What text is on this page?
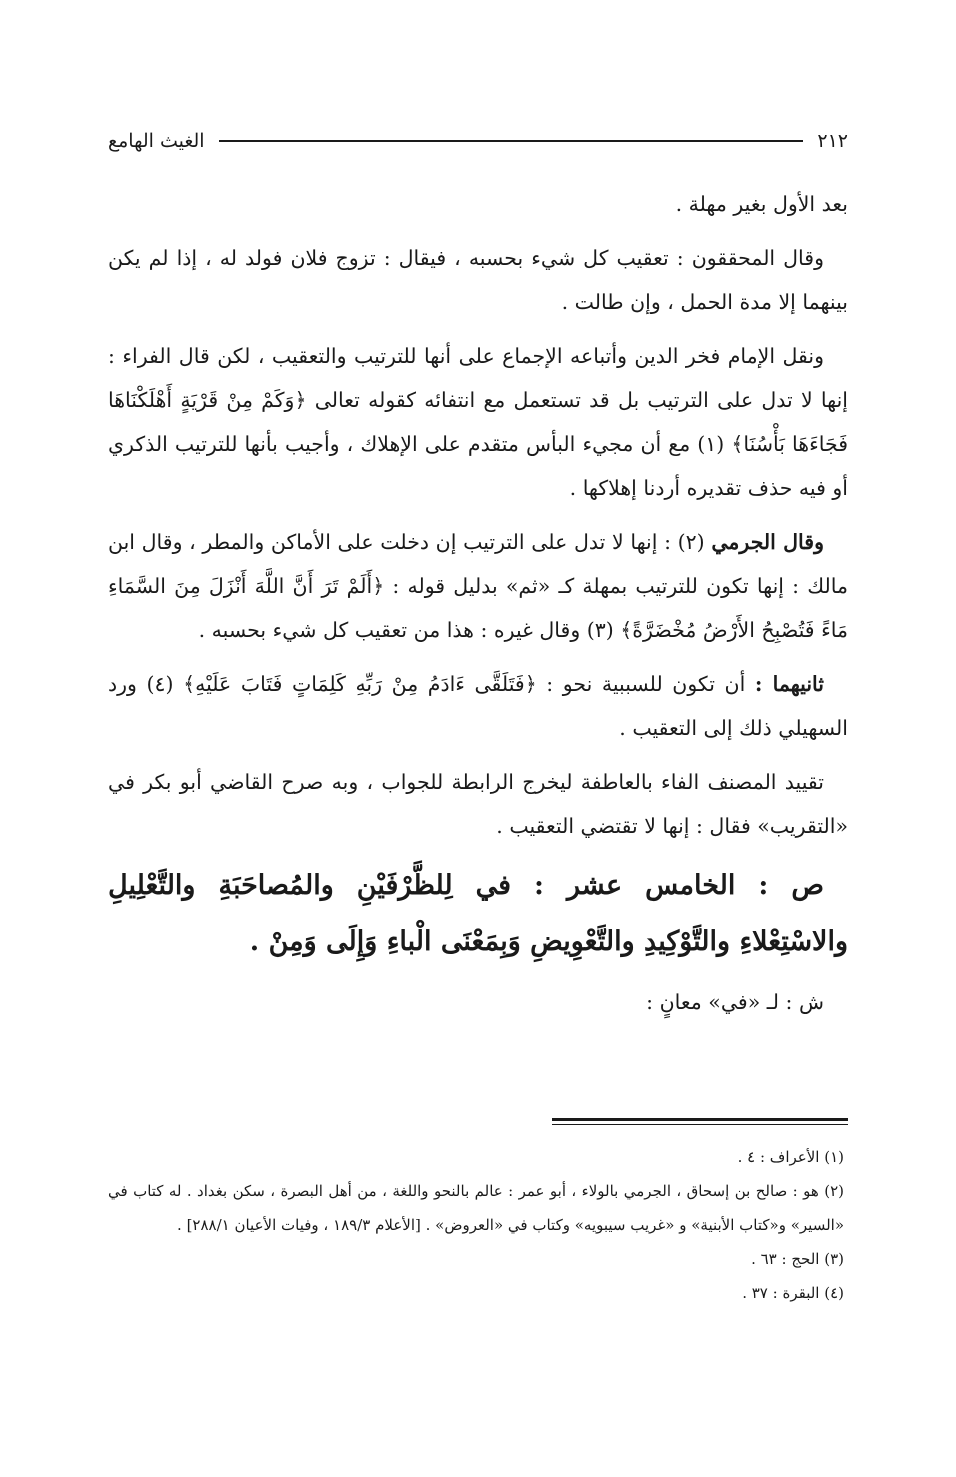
٢١٢
الغيث الهامع

بعد الأول بغير مهلة .

وقال المحققون : تعقيب كل شيء بحسبه ، فيقال : تزوج فلان فولد له ، إذا لم يكن بينهما إلا مدة الحمل ، وإن طالت .

ونقل الإمام فخر الدين وأتباعه الإجماع على أنها للترتيب والتعقيب ، لكن قال الفراء : إنها لا تدل على الترتيب بل قد تستعمل مع انتفائه كقوله تعالى ﴿وَكَمْ مِنْ قَرْيَةٍ أَهْلَكْنَاهَا فَجَاءَهَا بَأْسُنَا﴾ (١) مع أن مجيء البأس متقدم على الإهلاك ، وأجيب بأنها للترتيب الذكري أو فيه حذف تقديره أردنا إهلاكها .

وقال الجرمي (٢) : إنها لا تدل على الترتيب إن دخلت على الأماكن والمطر ، وقال ابن مالك : إنها تكون للترتيب بمهلة كـ «ثم» بدليل قوله : ﴿أَلَمْ تَرَ أَنَّ اللَّهَ أَنْزَلَ مِنَ السَّمَاءِ مَاءً فَتُصْبِحُ الأَرْضُ مُخْضَرَّةً﴾ (٣) وقال غيره : هذا من تعقيب كل شيء بحسبه .

ثانيهما : أن تكون للسببية نحو : ﴿فَتَلَقَّى ءَادَمُ مِنْ رَبِّهِ كَلِمَاتٍ فَتَابَ عَلَيْهِ﴾ (٤) ورد السهيلي ذلك إلى التعقيب .

تقييد المصنف الفاء بالعاطفة ليخرج الرابطة للجواب ، وبه صرح القاضي أبو بكر في «التقريب» فقال : إنها لا تقتضي التعقيب .

ص : الخامس عشر : في لِلظَّرْفَيْنِ والمُصاحَبَةِ والتَّعْلِيلِ والاسْتِعْلاءِ والتَّوْكِيدِ والتَّعْوِيضِ وَبِمَعْنَى الْباءِ وَإِلَى وَمِنْ .

ش : لـ «في» معانٍ :

(١) الأعراف : ٤ .
(٢) هو : صالح بن إسحاق ، الجرمي بالولاء ، أبو عمر : عالم بالنحو واللغة ، من أهل البصرة ، سكن بغداد . له كتاب في «السير» و«كتاب الأبنية» و «غريب سيبويه» وكتاب في «العروض» . [الأعلام ١٨٩/٣ ، وفيات الأعيان ٢٨٨/١] .
(٣) الحج : ٦٣ .
(٤) البقرة : ٣٧ .
